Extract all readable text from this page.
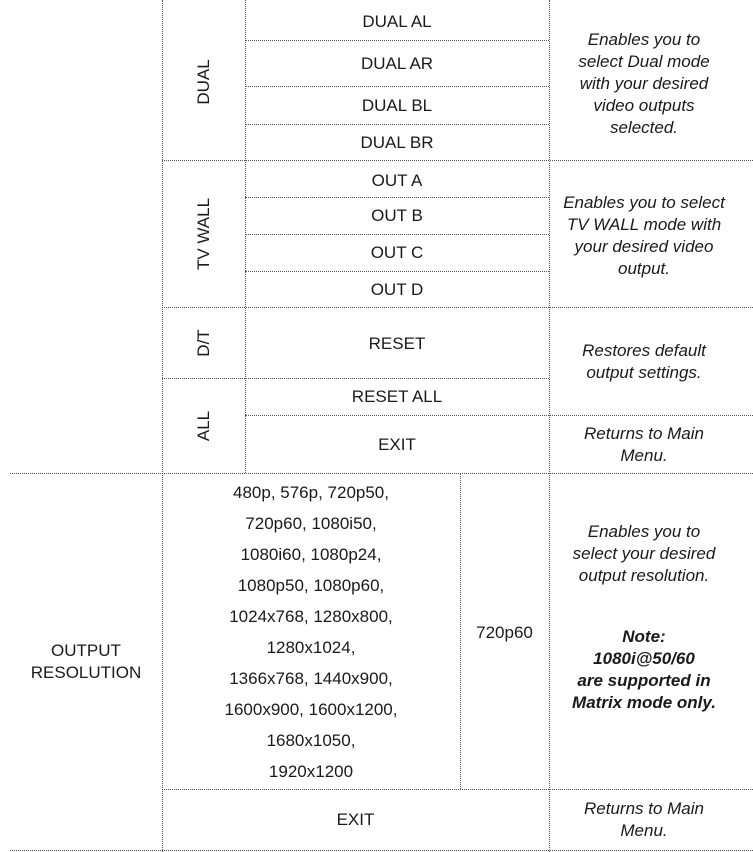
DUAL
DUAL AL
DUAL AR
DUAL BL
DUAL BR
Enables you to
select Dual mode
with your desired
video outputs
selected.
TV WALL
OUT A
OUT B
OUT C
OUT D
Enables you to select
TV WALL mode with
your desired video
output.
D/T	RESET
ALL
RESET ALL
Restores default
output settings.
EXIT
Returns to Main
Menu.
OUTPUT
RESOLUTION
480p, 576p, 720p50,
720p60, 1080i50,
1080i60, 1080p24,
1080p50, 1080p60,
1024x768, 1280x800,
1280x1024,
1366x768, 1440x900,
1600x900, 1600x1200,
1680x1050,
1920x1200
720p60
Enables you to
select your desired
output resolution.
Note:
1080i@50/60
are supported in
Matrix mode only.
EXIT
Returns to Main
Menu.
